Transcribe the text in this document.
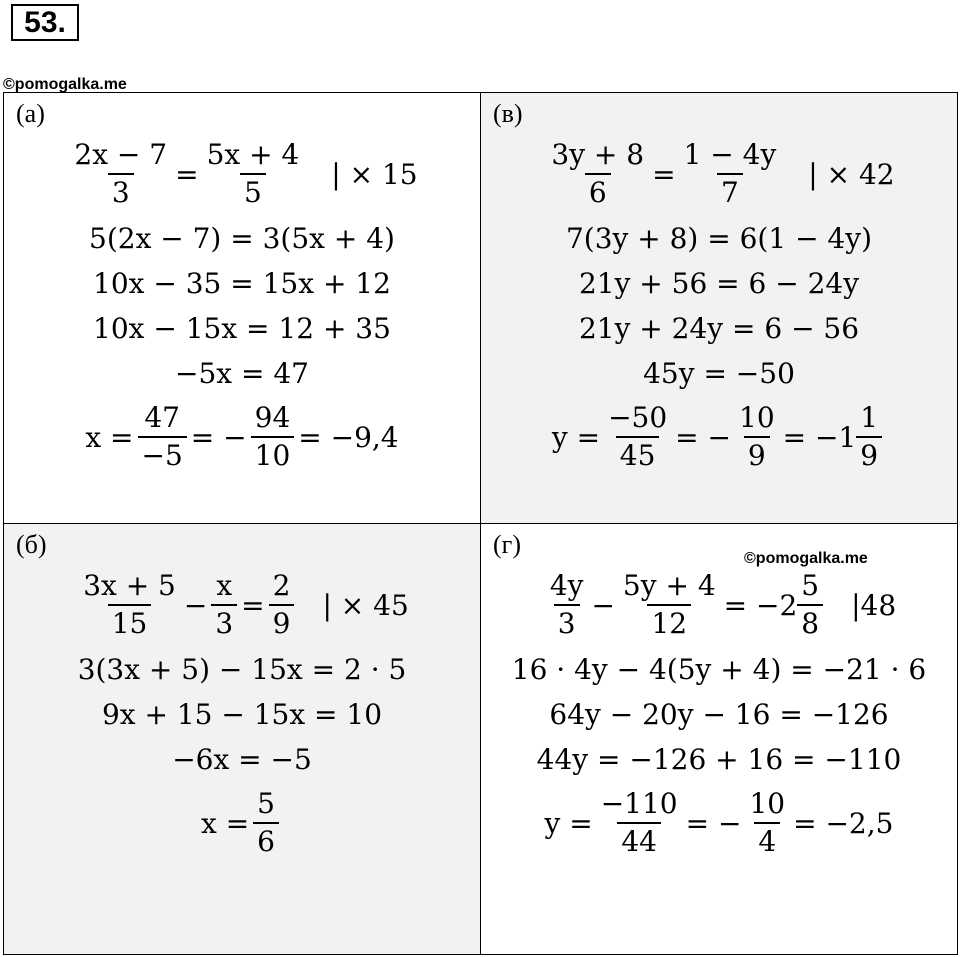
53.
©pomogalka.me
(а)
$\frac{2x - 7}{3} = \frac{5x + 4}{5}$ | × 15
5(2x − 7) = 3(5x + 4)
10x − 35 = 15x + 12
10x − 15x = 12 + 35
−5x = 47
$x = \frac{47}{-5}$ = − $\frac{94}{10} = -9,4$
(в)
$\frac{3y + 8}{6} = \frac{1 - 4y}{7}$ | × 42
7(3y + 8) = 6(1 − 4y)
21y + 56 = 6 − 24y
21y + 24y = 6 − 56
45y = −50
$y = \frac{-50}{45}$ = − $\frac{10}{9} = -1 \frac{1}{9}$
(б)
$\frac{3x + 5}{15} - \frac{x}{3} = \frac{2}{9}$ | × 45
3(3x + 5) − 15x = 2 · 5
9x + 15 − 15x = 10
−6x = −5
$x = \frac{5}{6}$
(г)	©pomogalka.me
$\frac{4y}{3} - \frac{5y + 4}{12} = -2 \frac{5}{8} |48$
16 · 4y − 4(5y + 4) = −21 · 6
64y − 20y − 16 = −126
44y = −126 + 16 = −110
$y = \frac{-110}{44}$ = − $\frac{10}{4} = -2,5$
